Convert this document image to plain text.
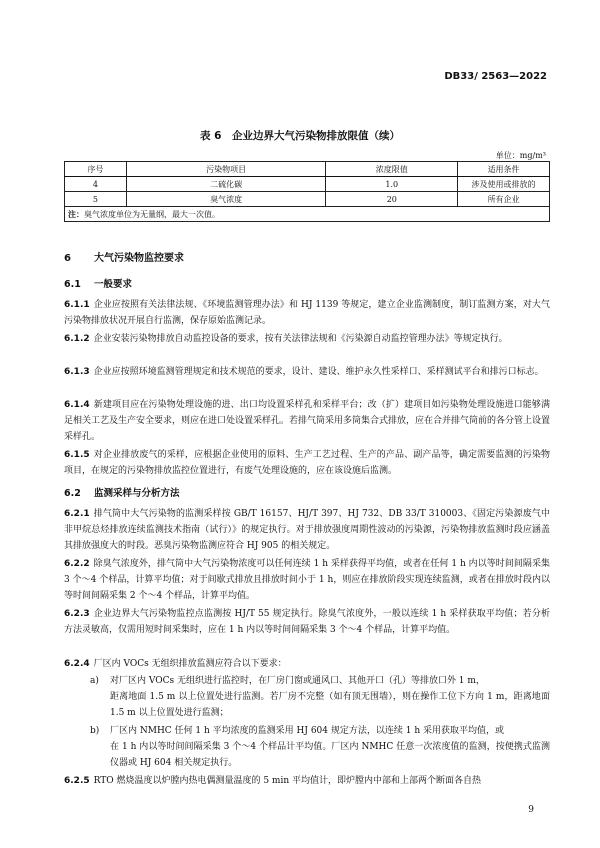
DB33/ 2563—2022
表 6　企业边界大气污染物排放限值（续）
单位：mg/m³
序号	污染物项目	浓度限值	适用条件
4	二硫化碳	1.0	涉及使用或排放的
5	臭气浓度	20	所有企业
注：臭气浓度单位为无量纲，最大一次值。			
6 大气污染物监控要求
6.1 一般要求
6.1.1 企业应按照有关法律法规、《环境监测管理办法》和 HJ 1139 等规定，建立企业监测制度，制订监测方案，对大气污染物排放状况开展自行监测，保存原始监测记录。
6.1.2 企业安装污染物排放自动监控设备的要求，按有关法律法规和《污染源自动监控管理办法》等规定执行。
6.1.3 企业应按照环境监测管理规定和技术规范的要求，设计、建设、维护永久性采样口、采样测试平台和排污口标志。
6.1.4 新建项目应在污染物处理设施的进、出口均设置采样孔和采样平台；改（扩）建项目如污染物处理设施进口能够满足相关工艺及生产安全要求，则应在进口处设置采样孔。若排气筒采用多筒集合式排放，应在合并排气筒前的各分管上设置采样孔。
6.1.5 对企业排放废气的采样，应根据企业使用的原料、生产工艺过程、生产的产品、副产品等，确定需要监测的污染物项目，在规定的污染物排放监控位置进行，有废气处理设施的，应在该设施后监测。
6.2 监测采样与分析方法
6.2.1 排气筒中大气污染物的监测采样按 GB/T 16157、HJ/T 397、HJ 732、DB 33/T 310003、《固定污染源废气中非甲烷总烃排放连续监测技术指南（试行）》的规定执行。对于排放强度周期性波动的污染源，污染物排放监测时段应涵盖其排放强度大的时段。恶臭污染物监测应符合 HJ 905 的相关规定。
6.2.2 除臭气浓度外，排气筒中大气污染物浓度可以任何连续 1 h 采样获得平均值，或者在任何 1 h 内以等时间间隔采集 3 个～4 个样品，计算平均值；对于间歇式排放且排放时间小于 1 h，则应在排放阶段实现连续监测，或者在排放时段内以等时间间隔采集 2 个～4 个样品，计算平均值。
6.2.3 企业边界大气污染物监控点监测按 HJ/T 55 规定执行。除臭气浓度外，一般以连续 1 h 采样获取平均值；若分析方法灵敏高，仅需用短时间采集时，应在 1 h 内以等时间间隔采集 3 个～4 个样品，计算平均值。
6.2.4 厂区内 VOCs 无组织排放监测应符合以下要求：
a) 对厂区内 VOCs 无组织进行监控时，在厂房门窗或通风口、其他开口（孔）等排放口外 1 m，
距离地面 1.5 m 以上位置处进行监测。若厂房不完整（如有顶无围墙），则在操作工位下方向 1 m，距离地面 1.5 m 以上位置处进行监测；
b) 厂区内 NMHC 任何 1 h 平均浓度的监测采用 HJ 604 规定方法，以连续 1 h 采用获取平均值，或
在 1 h 内以等时间间隔采集 3 个～4 个样品计平均值。厂区内 NMHC 任意一次浓度值的监测，按便携式监测仪器或 HJ 604 相关规定执行。
6.2.5 RTO 燃烧温度以炉膛内热电偶测量温度的 5 min 平均值计，即炉膛内中部和上部两个断面各自热
9
